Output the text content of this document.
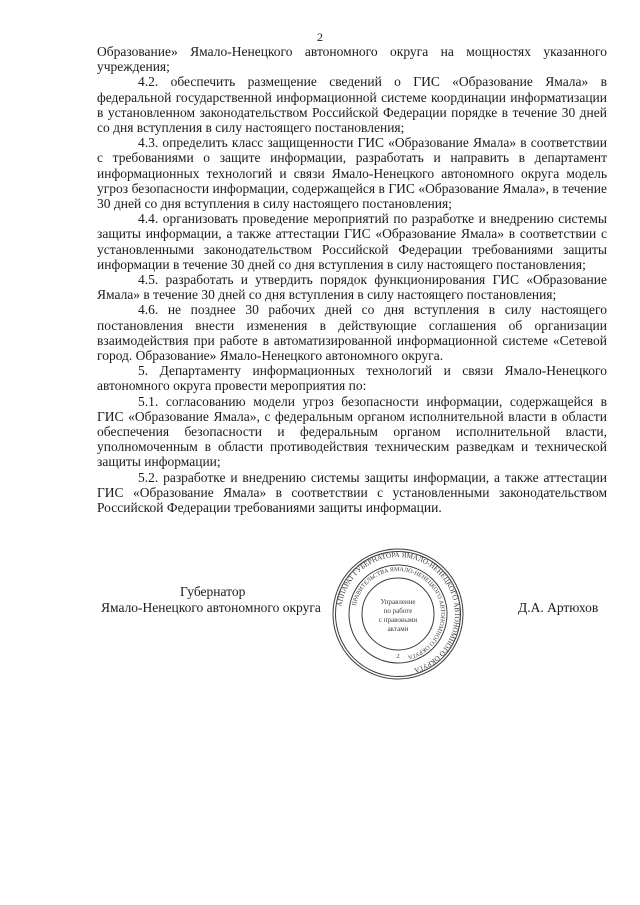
2

Образование» Ямало-Ненецкого автономного округа на мощностях указанного учреждения;

4.2. обеспечить размещение сведений о ГИС «Образование Ямала» в федеральной государственной информационной системе координации информатизации в установленном законодательством Российской Федерации порядке в течение 30 дней со дня вступления в силу настоящего постановления;

4.3. определить класс защищенности ГИС «Образование Ямала» в соответствии с требованиями о защите информации, разработать и направить в департамент информационных технологий и связи Ямало-Ненецкого автономного округа модель угроз безопасности информации, содержащейся в ГИС «Образование Ямала», в течение 30 дней со дня вступления в силу настоящего постановления;

4.4. организовать проведение мероприятий по разработке и внедрению системы защиты информации, а также аттестации ГИС «Образование Ямала» в соответствии с установленными законодательством Российской Федерации требованиями защиты информации в течение 30 дней со дня вступления в силу настоящего постановления;

4.5. разработать и утвердить порядок функционирования ГИС «Образование Ямала» в течение 30 дней со дня вступления в силу настоящего постановления;

4.6. не позднее 30 рабочих дней со дня вступления в силу настоящего постановления внести изменения в действующие соглашения об организации взаимодействия при работе в автоматизированной информационной системе «Сетевой город. Образование» Ямало-Ненецкого автономного округа.

5. Департаменту информационных технологий и связи Ямало-Ненецкого автономного округа провести мероприятия по:

5.1. согласованию модели угроз безопасности информации, содержащейся в ГИС «Образование Ямала», с федеральным органом исполнительной власти в области обеспечения безопасности и федеральным органом исполнительной власти, уполномоченным в области противодействия техническим разведкам и технической защиты информации;

5.2. разработке и внедрению системы защиты информации, а также аттестации ГИС «Образование Ямала» в соответствии с установленными законодательством Российской Федерации требованиями защиты информации.

Губернатор
Ямало-Ненецкого автономного округа	Д.А. Артюхов
АППАРАТ ГУБЕРНАТОРА ЯМАЛО-НЕНЕЦКОГО АВТОНОМНОГО ОКРУГА
ПРАВИТЕЛЬСТВА ЯМАЛО-НЕНЕЦКОГО АВТОНОМНОГО ОКРУГА
Управление
по работе
с правовыми
актами
2
